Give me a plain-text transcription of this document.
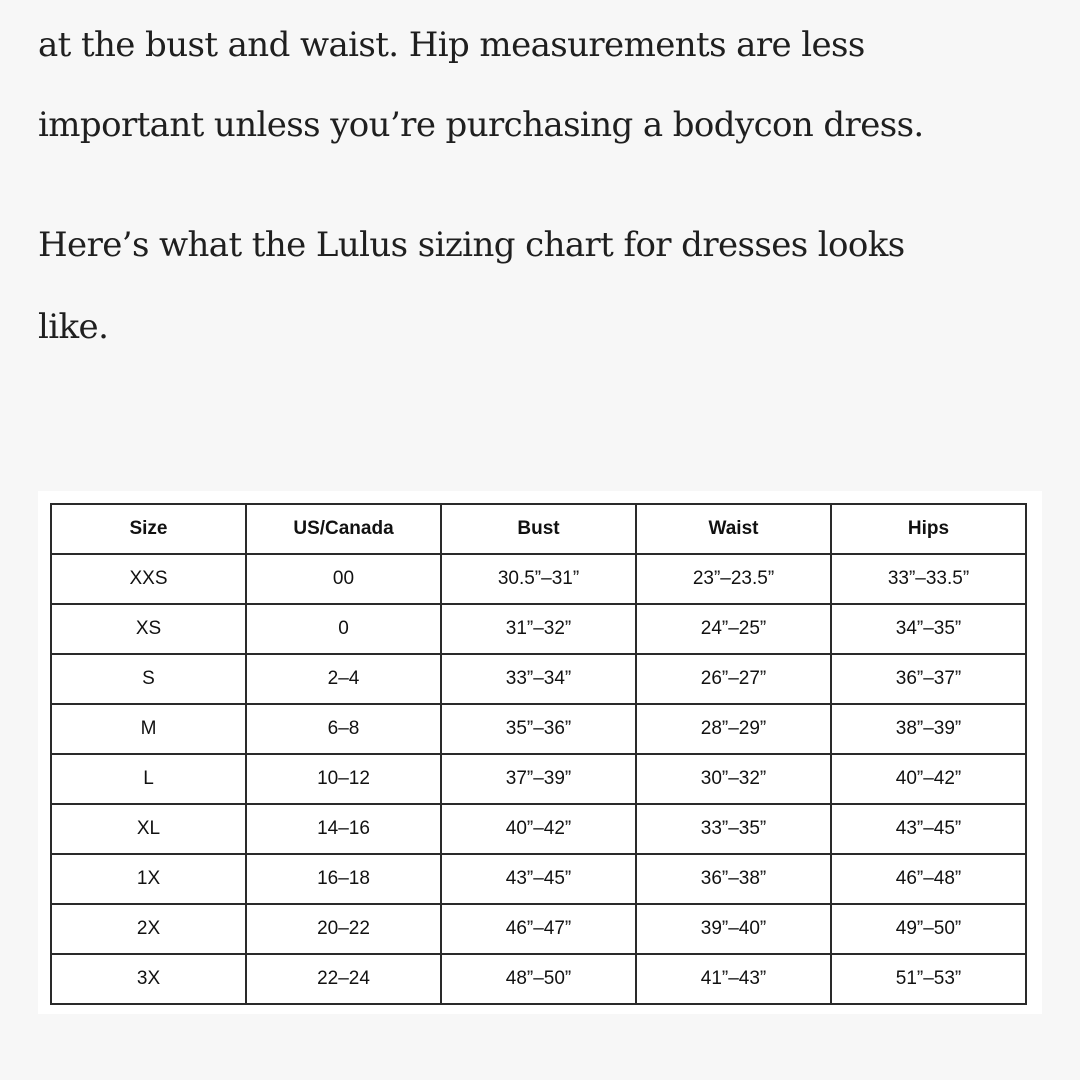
at the bust and waist. Hip measurements are less
important unless you’re purchasing a bodycon dress.
Here’s what the Lulus sizing chart for dresses looks
like.
Size	US/Canada	Bust	Waist	Hips
XXS	00	30.5”–31”	23”–23.5”	33”–33.5”
XS	0	31”–32”	24”–25”	34”–35”
S	2–4	33”–34”	26”–27”	36”–37”
M	6–8	35”–36”	28”–29”	38”–39”
L	10–12	37”–39”	30”–32”	40”–42”
XL	14–16	40”–42”	33”–35”	43”–45”
1X	16–18	43”–45”	36”–38”	46”–48”
2X	20–22	46”–47”	39”–40”	49”–50”
3X	22–24	48”–50”	41”–43”	51”–53”
